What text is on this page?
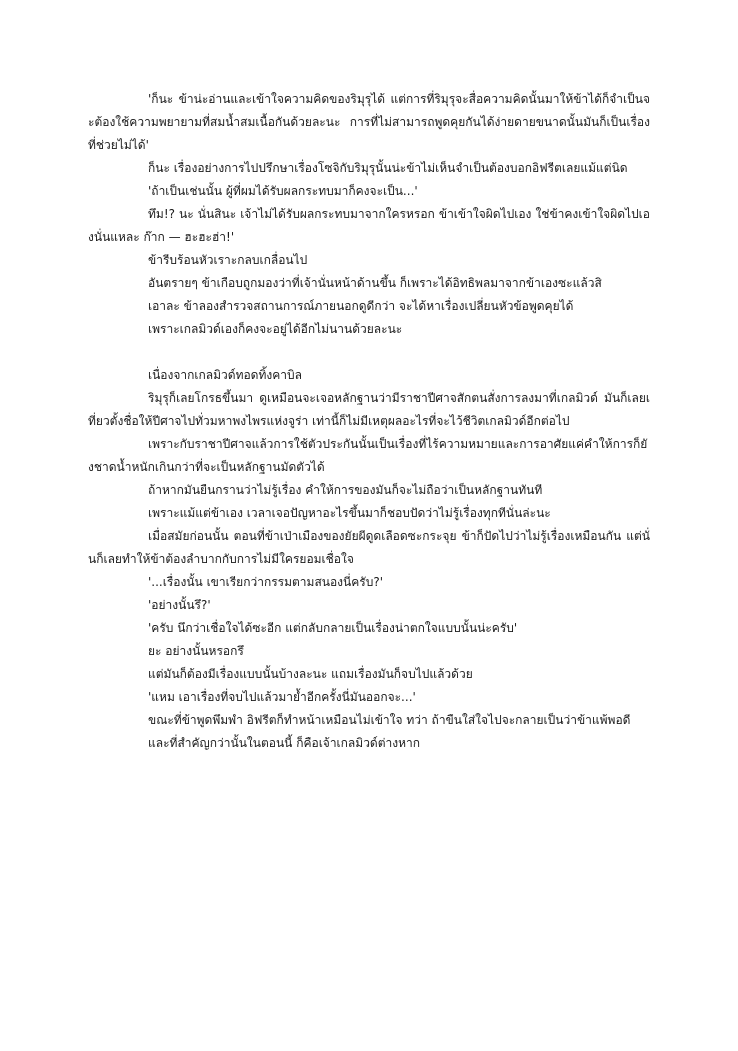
'ก็นะ ข้าน่ะอ่านและเข้าใจความคิดของริมุรุได้ แต่การที่ริมุรุจะสื่อความคิดนั้นมาให้ข้าได้ก็จำเป็นจะต้องใช้ความพยายามที่สมน้ำสมเนื้อกันด้วยละนะ การที่ไม่สามารถพูดคุยกันได้ง่ายดายขนาดนั้นมันก็เป็นเรื่องที่ช่วยไม่ได้'

ก็นะ เรื่องอย่างการไปปรึกษาเรื่องโซจิกับริมุรุนั้นน่ะข้าไม่เห็นจำเป็นต้องบอกอิฟรีตเลยแม้แต่นิด

'ถ้าเป็นเช่นนั้น ผู้ที่ผมได้รับผลกระทบมาก็คงจะเป็น...'

ทึม!? นะ นั่นสินะ เจ้าไม่ได้รับผลกระทบมาจากใครหรอก ข้าเข้าใจผิดไปเอง ใช่ข้าคงเข้าใจผิดไปเองนั่นแหละ ก๊าก — ฮะฮะฮ่า!'

ข้ารีบร้อนหัวเราะกลบเกลื่อนไป

อันตรายๆ ข้าเกือบถูกมองว่าที่เจ้านั่นหน้าด้านขึ้น ก็เพราะได้อิทธิพลมาจากข้าเองซะแล้วสิ

เอาละ ข้าลองสำรวจสถานการณ์ภายนอกดูดีกว่า จะได้หาเรื่องเปลี่ยนหัวข้อพูดคุยได้

เพราะเกลมิวด์เองก็คงจะอยู่ได้อีกไม่นานด้วยละนะ

เนื่องจากเกลมิวด์ทอดทิ้งคาบิล

ริมุรุก็เลยโกรธขึ้นมา ดูเหมือนจะเจอหลักฐานว่ามีราชาปีศาจสักตนสั่งการลงมาที่เกลมิวด์ มันก็เลยเที่ยวตั้งชื่อให้ปีศาจไปทั่วมหาพงไพรแห่งจูร่า เท่านี้ก็ไม่มีเหตุผลอะไรที่จะไว้ชีวิตเกลมิวด์อีกต่อไป

เพราะกับราชาปีศาจแล้วการใช้ตัวประกันนั้นเป็นเรื่องที่ไร้ความหมายและการอาศัยแค่คำให้การก็ยังชาดน้ำหนักเกินกว่าที่จะเป็นหลักฐานมัดตัวได้

ถ้าหากมันยืนกรานว่าไม่รู้เรื่อง คำให้การของมันก็จะไม่ถือว่าเป็นหลักฐานทันที

เพราะแม้แต่ข้าเอง เวลาเจอปัญหาอะไรขึ้นมาก็ชอบปัดว่าไม่รู้เรื่องทุกทีนั่นล่ะนะ

เมื่อสมัยก่อนนั้น ตอนที่ข้าเป่าเมืองของยัยผีดูดเลือดซะกระจุย ข้าก็ปัดไปว่าไม่รู้เรื่องเหมือนกัน แต่นั่นก็เลยทำให้ข้าต้องลำบากกับการไม่มีใครยอมเชื่อใจ

'...เรื่องนั้น เขาเรียกว่ากรรมตามสนองนี่ครับ?'

'อย่างนั้นรึ?'

'ครับ นึกว่าเชื่อใจได้ซะอีก แต่กลับกลายเป็นเรื่องน่าตกใจแบบนั้นน่ะครับ'

ยะ อย่างนั้นหรอกรึ

แต่มันก็ต้องมีเรื่องแบบนั้นบ้างละนะ แถมเรื่องมันก็จบไปแล้วด้วย

'แหม เอาเรื่องที่จบไปแล้วมาย้ำอีกครั้งนี่มันออกจะ...'

ขณะที่ข้าพูดพึมพำ อิฟรีตก็ทำหน้าเหมือนไม่เข้าใจ ทว่า ถ้าขืนใส่ใจไปจะกลายเป็นว่าข้าแพ้พอดี

และที่สำคัญกว่านั้นในตอนนี้ ก็คือเจ้าเกลมิวด์ต่างหาก
